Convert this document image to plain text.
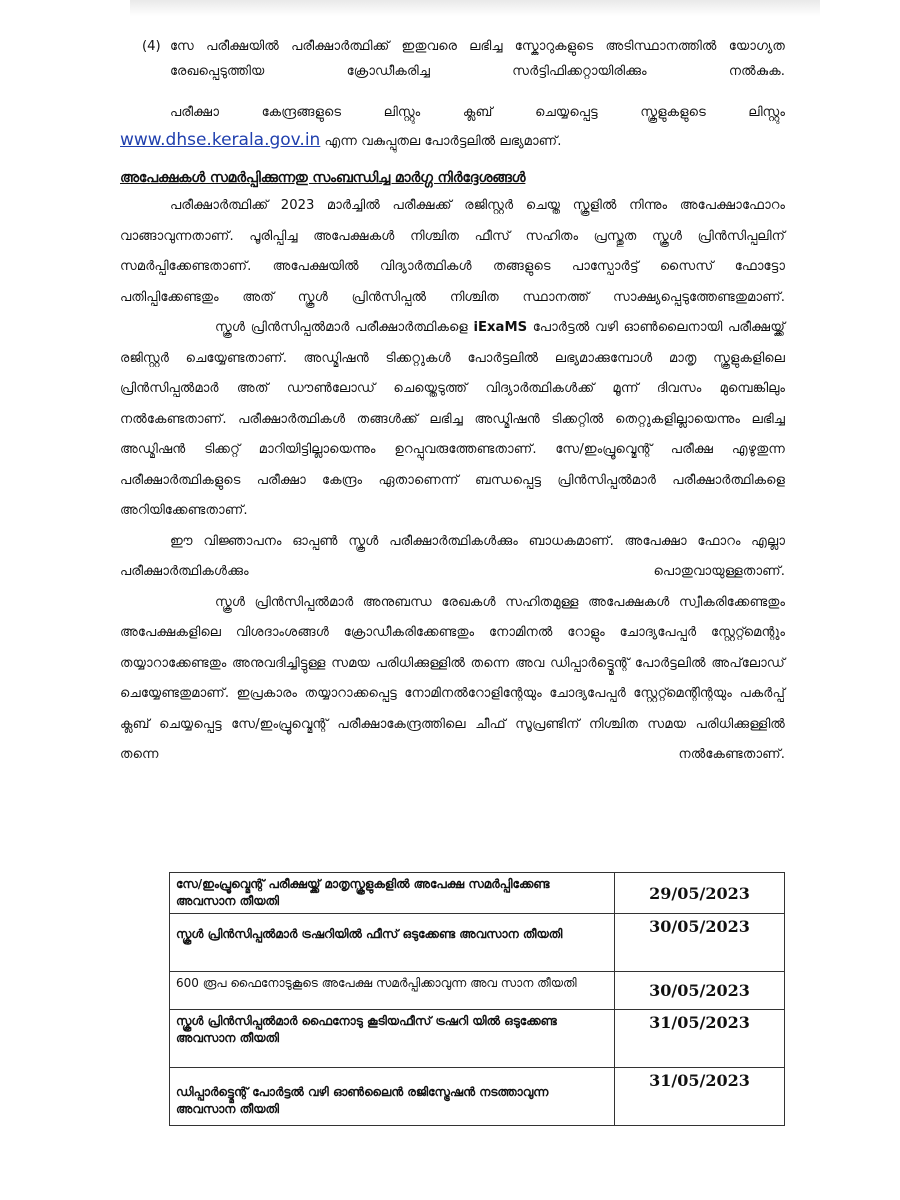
(4) സേ പരീക്ഷയിൽ പരീക്ഷാർത്ഥിക്ക് ഇതുവരെ ലഭിച്ച സ്കോറുകളുടെ അടിസ്ഥാനത്തിൽ യോഗ്യത രേഖപ്പെടുത്തിയ ക്രോഡീകരിച്ച സർട്ടിഫിക്കറ്റായിരിക്കും നൽകുക.

പരീക്ഷാ കേന്ദ്രങ്ങളുടെ ലിസ്റ്റും ക്ലബ് ചെയ്യപ്പെട്ട സ്കൂളുകളുടെ ലിസ്റ്റും

www.dhse.kerala.gov.in എന്ന വകുപ്പുതല പോർട്ടലിൽ ലഭ്യമാണ്.

അപേക്ഷകൾ സമർപ്പിക്കുന്നതു സംബന്ധിച്ച മാർഗ്ഗ നിർദ്ദേശങ്ങൾ

പരീക്ഷാർത്ഥിക്ക് 2023 മാർച്ചിൽ പരീക്ഷക്ക് രജിസ്റ്റർ ചെയ്ത സ്കൂളിൽ നിന്നും അപേക്ഷാഫോറം വാങ്ങാവുന്നതാണ്. പൂരിപ്പിച്ച അപേക്ഷകൾ നിശ്ചിത ഫീസ് സഹിതം പ്രസ്തുത സ്കൂൾ പ്രിൻസിപ്പലിന് സമർപ്പിക്കേണ്ടതാണ്. അപേക്ഷയിൽ വിദ്യാർത്ഥികൾ തങ്ങളുടെ പാസ്പോർട്ട് സൈസ് ഫോട്ടോ പതിപ്പിക്കേണ്ടതും അത് സ്കൂൾ പ്രിൻസിപ്പൽ നിശ്ചിത സ്ഥാനത്ത് സാക്ഷ്യപ്പെടുത്തേണ്ടതുമാണ്.

സ്കൂൾ പ്രിൻസിപ്പൽമാർ പരീക്ഷാർത്ഥികളെ iExaMS പോർട്ടൽ വഴി ഓൺലൈനായി പരീക്ഷയ്ക്ക് രജിസ്റ്റർ ചെയ്യേണ്ടതാണ്. അഡ്മിഷൻ ടിക്കറ്റുകൾ പോർട്ടലിൽ ലഭ്യമാക്കുമ്പോൾ മാതൃ സ്കൂളുകളിലെ പ്രിൻസിപ്പൽമാർ അത് ഡൗൺലോഡ് ചെയ്തെടുത്ത് വിദ്യാർത്ഥികൾക്ക് മൂന്ന് ദിവസം മുമ്പെങ്കിലും നൽകേണ്ടതാണ്. പരീക്ഷാർത്ഥികൾ തങ്ങൾക്ക് ലഭിച്ച അഡ്മിഷൻ ടിക്കറ്റിൽ തെറ്റുകളില്ലായെന്നും ലഭിച്ച അഡ്മിഷൻ ടിക്കറ്റ് മാറിയിട്ടില്ലായെന്നും ഉറപ്പുവരുത്തേണ്ടതാണ്. സേ/ഇംപ്രൂവ്മെന്റ് പരീക്ഷ എഴുതുന്ന പരീക്ഷാർത്ഥികളുടെ പരീക്ഷാ കേന്ദ്രം ഏതാണെന്ന് ബന്ധപ്പെട്ട പ്രിൻസിപ്പൽമാർ പരീക്ഷാർത്ഥികളെ അറിയിക്കേണ്ടതാണ്.

ഈ വിജ്ഞാപനം ഓപ്പൺ സ്കൂൾ പരീക്ഷാർത്ഥികൾക്കും ബാധകമാണ്. അപേക്ഷാ ഫോറം എല്ലാ പരീക്ഷാർത്ഥികൾക്കും പൊതുവായുള്ളതാണ്.

സ്കൂൾ പ്രിൻസിപ്പൽമാർ അനുബന്ധ രേഖകൾ സഹിതമുള്ള അപേക്ഷകൾ സ്വീകരിക്കേണ്ടതും അപേക്ഷകളിലെ വിശദാംശങ്ങൾ ക്രോഡീകരിക്കേണ്ടതും നോമിനൽ റോളും ചോദ്യപേപ്പർ സ്റ്റേറ്റ്മെന്റും തയ്യാറാക്കേണ്ടതും അനുവദിച്ചിട്ടുള്ള സമയ പരിധിക്കുള്ളിൽ തന്നെ അവ ഡിപ്പാർട്ട്മെന്റ് പോർട്ടലിൽ അപ്‌ലോഡ് ചെയ്യേണ്ടതുമാണ്. ഇപ്രകാരം തയ്യാറാക്കപ്പെട്ട നോമിനൽറോളിന്റേയും ചോദ്യപേപ്പർ സ്റ്റേറ്റ്മെന്റിന്റയും പകർപ്പ് ക്ലബ് ചെയ്യപ്പെട്ട സേ/ഇംപ്രൂവ്മെന്റ് പരീക്ഷാകേന്ദ്രത്തിലെ ചീഫ് സൂപ്രണ്ടിന് നിശ്ചിത സമയ പരിധിക്കുള്ളിൽ തന്നെ നൽകേണ്ടതാണ്.

സേ/ഇംപ്രൂവ്മെന്റ് പരീക്ഷയ്ക്ക് മാതൃസ്കൂളുകളിൽ അപേക്ഷ സമർപ്പിക്കേണ്ട അവസാന തീയതി	29/05/2023
സ്കൂൾ പ്രിൻസിപ്പൽമാർ ട്രഷറിയിൽ ഫീസ് ഒടുക്കേണ്ട അവസാന തീയതി	30/05/2023
600 രൂപ ഫൈനോടുകൂടെ അപേക്ഷ സമർപ്പിക്കാവുന്ന അവ സാന തീയതി	30/05/2023
സ്കൂൾ പ്രിൻസിപ്പൽമാർ ഫൈനോടു കൂടിയഫീസ് ട്രഷറി യിൽ ഒടുക്കേണ്ട അവസാന തീയതി	31/05/2023
ഡിപ്പാർട്ട്മെന്റ് പോർട്ടൽ വഴി ഓൺലൈൻ രജിസ്ട്രേഷൻ നടത്താവുന്ന അവസാന തീയതി	31/05/2023
